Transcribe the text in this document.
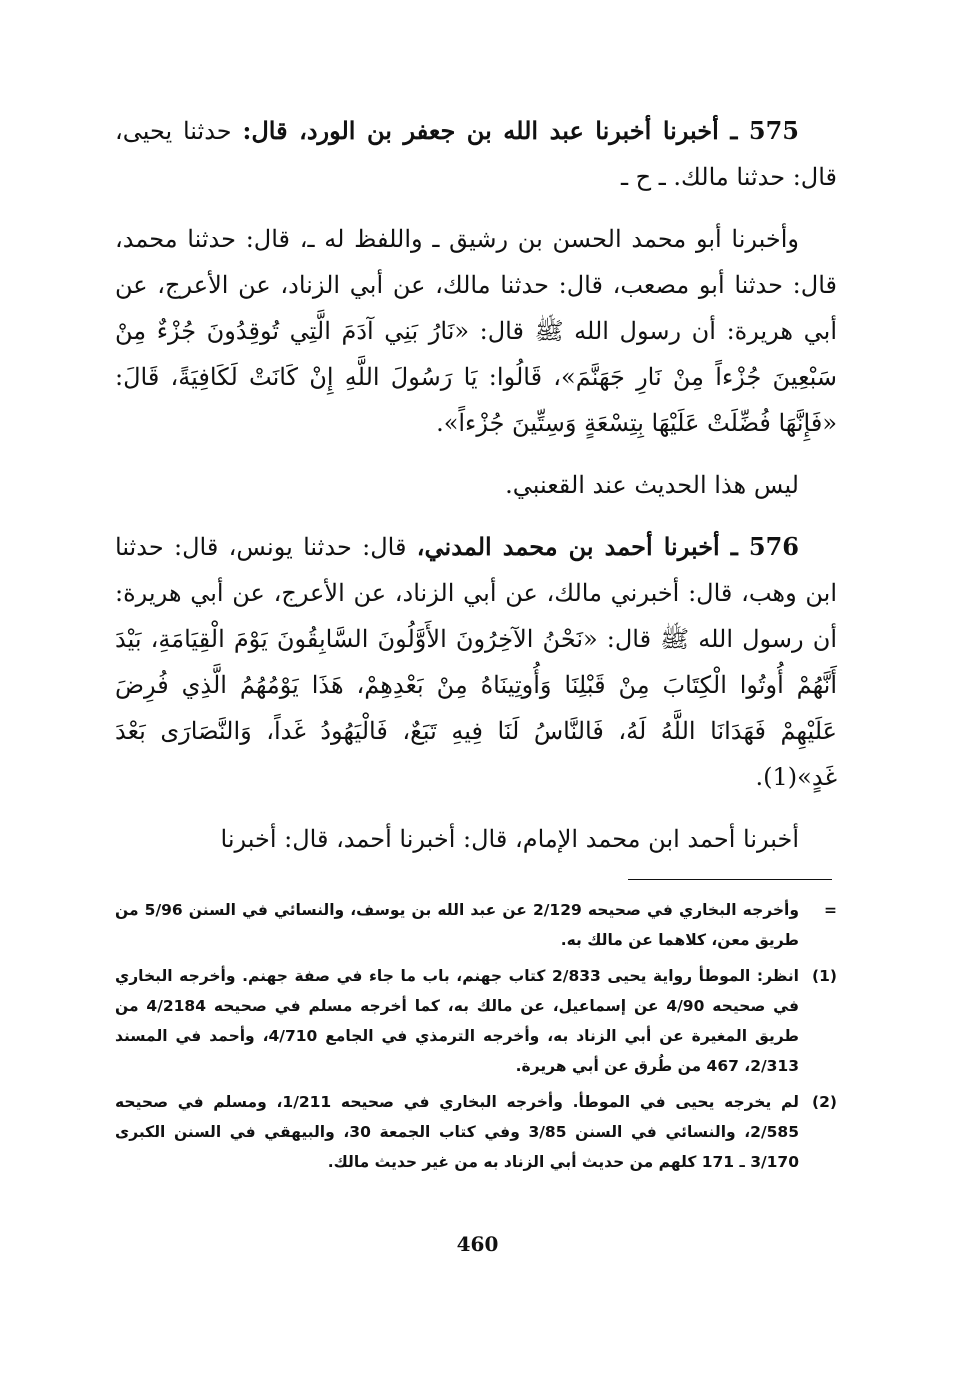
575 ـ أخبرنا أخبرنا عبد الله بن جعفر بن الورد، قال: حدثنا يحيى، قال: حدثنا مالك. ـ ح ـ

وأخبرنا أبو محمد الحسن بن رشيق ـ واللفظ له ـ، قال: حدثنا محمد، قال: حدثنا أبو مصعب، قال: حدثنا مالك، عن أبي الزناد، عن الأعرج، عن أبي هريرة: أن رسول الله ﷺ قال: «نَارُ بَنِي آدَمَ الَّتِي تُوقِدُونَ جُزْءٌ مِنْ سَبْعِينَ جُزْءاً مِنْ نَارِ جَهَنَّمَ»، قَالُوا: يَا رَسُولَ اللَّهِ إِنْ كَانَتْ لَكَافِيَةً، قَالَ: «فَإِنَّهَا فُضِّلَتْ عَلَيْهَا بِتِسْعَةٍ وَسِتِّينَ جُزْءاً».

ليس هذا الحديث عند القعنبي.

576 ـ أخبرنا أحمد بن محمد المدني، قال: حدثنا يونس، قال: حدثنا ابن وهب، قال: أخبرني مالك، عن أبي الزناد، عن الأعرج، عن أبي هريرة: أن رسول الله ﷺ قال: «نَحْنُ الآخِرُونَ الأَوَّلُونَ السَّابِقُونَ يَوْمَ الْقِيَامَةِ، بَيْدَ أَنَّهُمْ أُوتُوا الْكِتَابَ مِنْ قَبْلِنَا وَأُوتِينَاهُ مِنْ بَعْدِهِمْ، هَذَا يَوْمُهُمُ الَّذِي فُرِضَ عَلَيْهِمْ فَهَدَانَا اللَّهُ لَهُ، فَالنَّاسُ لَنَا فِيهِ تَبَعٌ، فَالْيَهُودُ غَداً، وَالنَّصَارَى بَعْدَ غَدٍ»(1).

أخبرنا أحمد ابن محمد الإمام، قال: أخبرنا أحمد، قال: أخبرنا

=
وأخرجه البخاري في صحيحه 2/129 عن عبد الله بن يوسف، والنسائي في السنن 5/96 من طريق معن، كلاهما عن مالك به.
(1)
انظر: الموطأ رواية يحيى 2/833 كتاب جهنم، باب ما جاء في صفة جهنم. وأخرجه البخاري في صحيحه 4/90 عن إسماعيل، عن مالك به، كما أخرجه مسلم في صحيحه 4/2184 من طريق المغيرة عن أبي الزناد به، وأخرجه الترمذي في الجامع 4/710، وأحمد في المسند 2/313، 467 من طُرق عن أبي هريرة.
(2)
لم يخرجه يحيى في الموطأ. وأخرجه البخاري في صحيحه 1/211، ومسلم في صحيحه 2/585، والنسائي في السنن 3/85 وفي كتاب الجمعة 30، والبيهقي في السنن الكبرى 3/170 ـ 171 كلهم من حديث أبي الزناد به من غير حديث مالك.
460
